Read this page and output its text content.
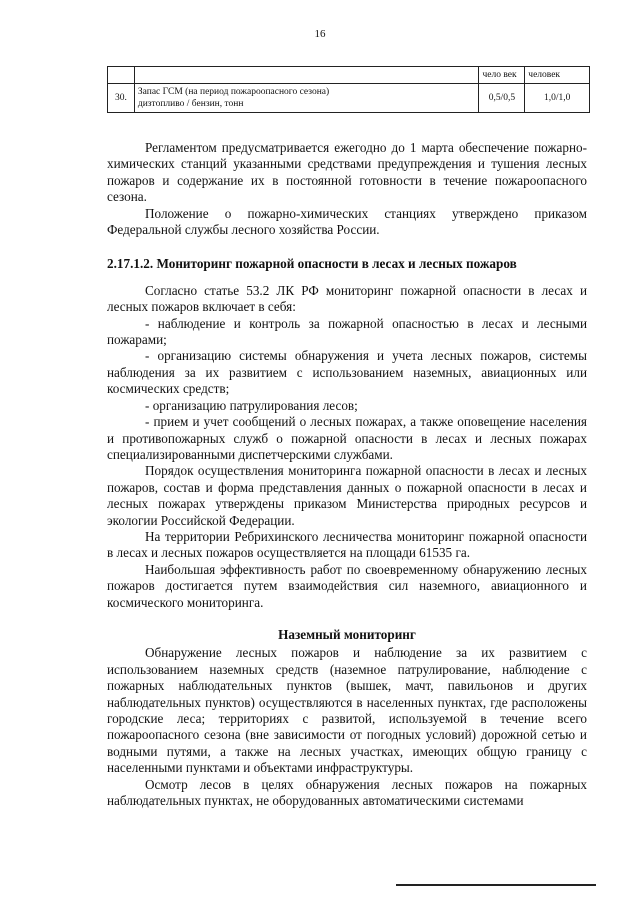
16
		чело век	человек
30.	Запас ГСМ (на период пожароопасного сезона)
дизтопливо / бензин, тонн	0,5/0,5	1,0/1,0

Регламентом предусматривается ежегодно до 1 марта обеспечение пожарно-химических станций указанными средствами предупреждения и тушения лесных пожаров и содержание их в постоянной готовности в течение пожароопасного сезона.

Положение о пожарно-химических станциях утверждено приказом Федеральной службы лесного хозяйства России.

2.17.1.2. Мониторинг пожарной опасности в лесах и лесных пожаров

Согласно статье 53.2 ЛК РФ мониторинг пожарной опасности в лесах и лесных пожаров включает в себя:

- наблюдение и контроль за пожарной опасностью в лесах и лесными пожарами;

- организацию системы обнаружения и учета лесных пожаров, системы наблюдения за их развитием с использованием наземных, авиационных или космических средств;

- организацию патрулирования лесов;

- прием и учет сообщений о лесных пожарах, а также оповещение населения и противопожарных служб о пожарной опасности в лесах и лесных пожарах специализированными диспетчерскими службами.

Порядок осуществления мониторинга пожарной опасности в лесах и лесных пожаров, состав и форма представления данных о пожарной опасности в лесах и лесных пожарах утверждены приказом Министерства природных ресурсов и экологии Российской Федерации.

На территории Ребрихинского лесничества мониторинг пожарной опасности в лесах и лесных пожаров осуществляется на площади 61535 га.

Наибольшая эффективность работ по своевременному обнаружению лесных пожаров достигается путем взаимодействия сил наземного, авиационного и космического мониторинга.

Наземный мониторинг

Обнаружение лесных пожаров и наблюдение за их развитием с использованием наземных средств (наземное патрулирование, наблюдение с пожарных наблюдательных пунктов (вышек, мачт, павильонов и других наблюдательных пунктов) осуществляются в населенных пунктах, где расположены городские леса; территориях с развитой, используемой в течение всего пожароопасного сезона (вне зависимости от погодных условий) дорожной сетью и водными путями, а также на лесных участках, имеющих общую границу с населенными пунктами и объектами инфраструктуры.

Осмотр лесов в целях обнаружения лесных пожаров на пожарных наблюдательных пунктах, не оборудованных автоматическими системами
